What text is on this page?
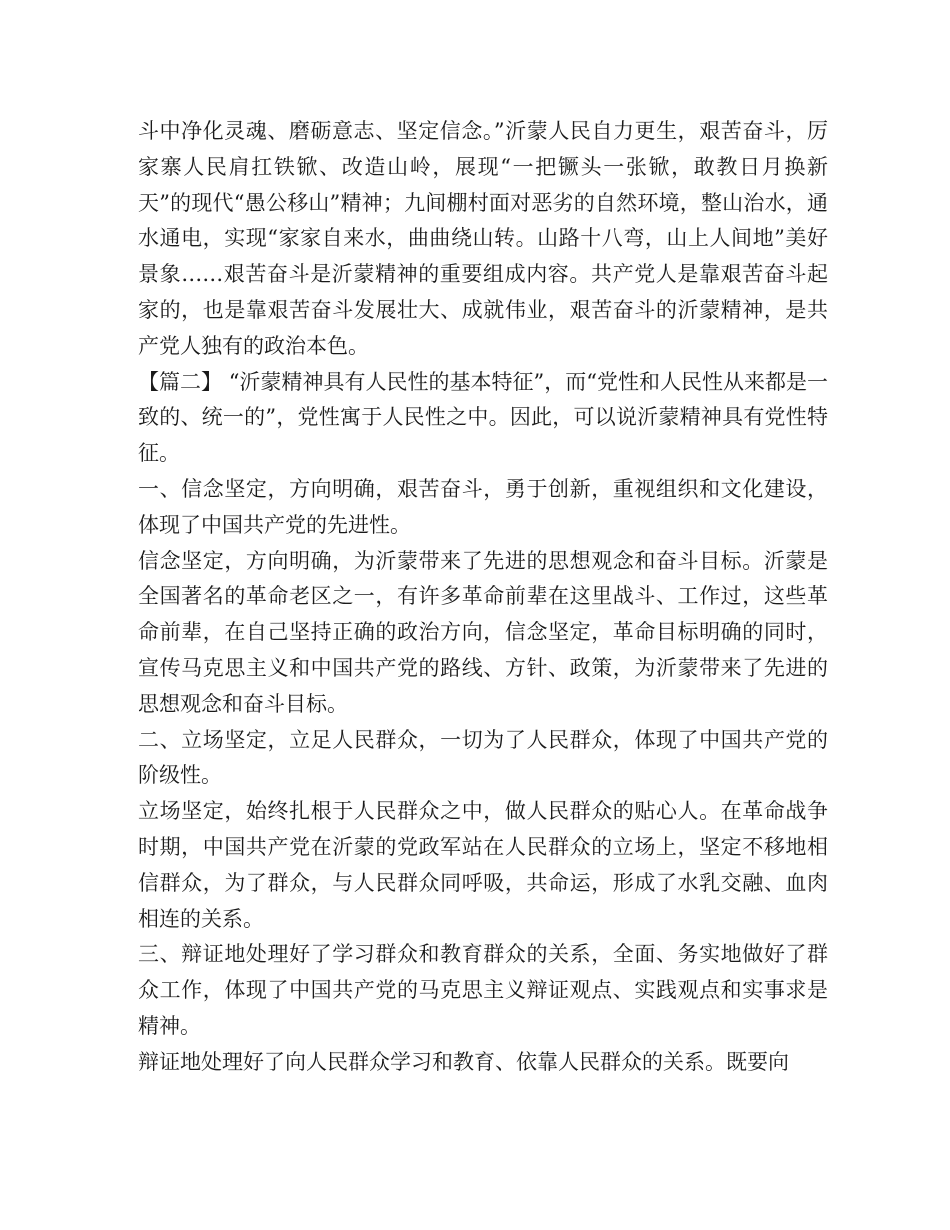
斗中净化灵魂、磨砺意志、坚定信念。”沂蒙人民自力更生，艰苦奋斗，厉家寨人民肩扛铁锨、改造山岭，展现“一把镢头一张锨，敢教日月换新天”的现代“愚公移山”精神；九间棚村面对恶劣的自然环境，整山治水，通水通电，实现“家家自来水，曲曲绕山转。山路十八弯，山上人间地”美好景象……艰苦奋斗是沂蒙精神的重要组成内容。共产党人是靠艰苦奋斗起家的，也是靠艰苦奋斗发展壮大、成就伟业，艰苦奋斗的沂蒙精神，是共产党人独有的政治本色。

【篇二】 “沂蒙精神具有人民性的基本特征”，而“党性和人民性从来都是一致的、统一的”，党性寓于人民性之中。因此，可以说沂蒙精神具有党性特征。

一、信念坚定，方向明确，艰苦奋斗，勇于创新，重视组织和文化建设，体现了中国共产党的先进性。

信念坚定，方向明确，为沂蒙带来了先进的思想观念和奋斗目标。沂蒙是全国著名的革命老区之一，有许多革命前辈在这里战斗、工作过，这些革命前辈，在自己坚持正确的政治方向，信念坚定，革命目标明确的同时，宣传马克思主义和中国共产党的路线、方针、政策，为沂蒙带来了先进的思想观念和奋斗目标。

二、立场坚定，立足人民群众，一切为了人民群众，体现了中国共产党的阶级性。

立场坚定，始终扎根于人民群众之中，做人民群众的贴心人。在革命战争时期，中国共产党在沂蒙的党政军站在人民群众的立场上，坚定不移地相信群众，为了群众，与人民群众同呼吸，共命运，形成了水乳交融、血肉相连的关系。

三、辩证地处理好了学习群众和教育群众的关系，全面、务实地做好了群众工作，体现了中国共产党的马克思主义辩证观点、实践观点和实事求是精神。

辩证地处理好了向人民群众学习和教育、依靠人民群众的关系。既要向
